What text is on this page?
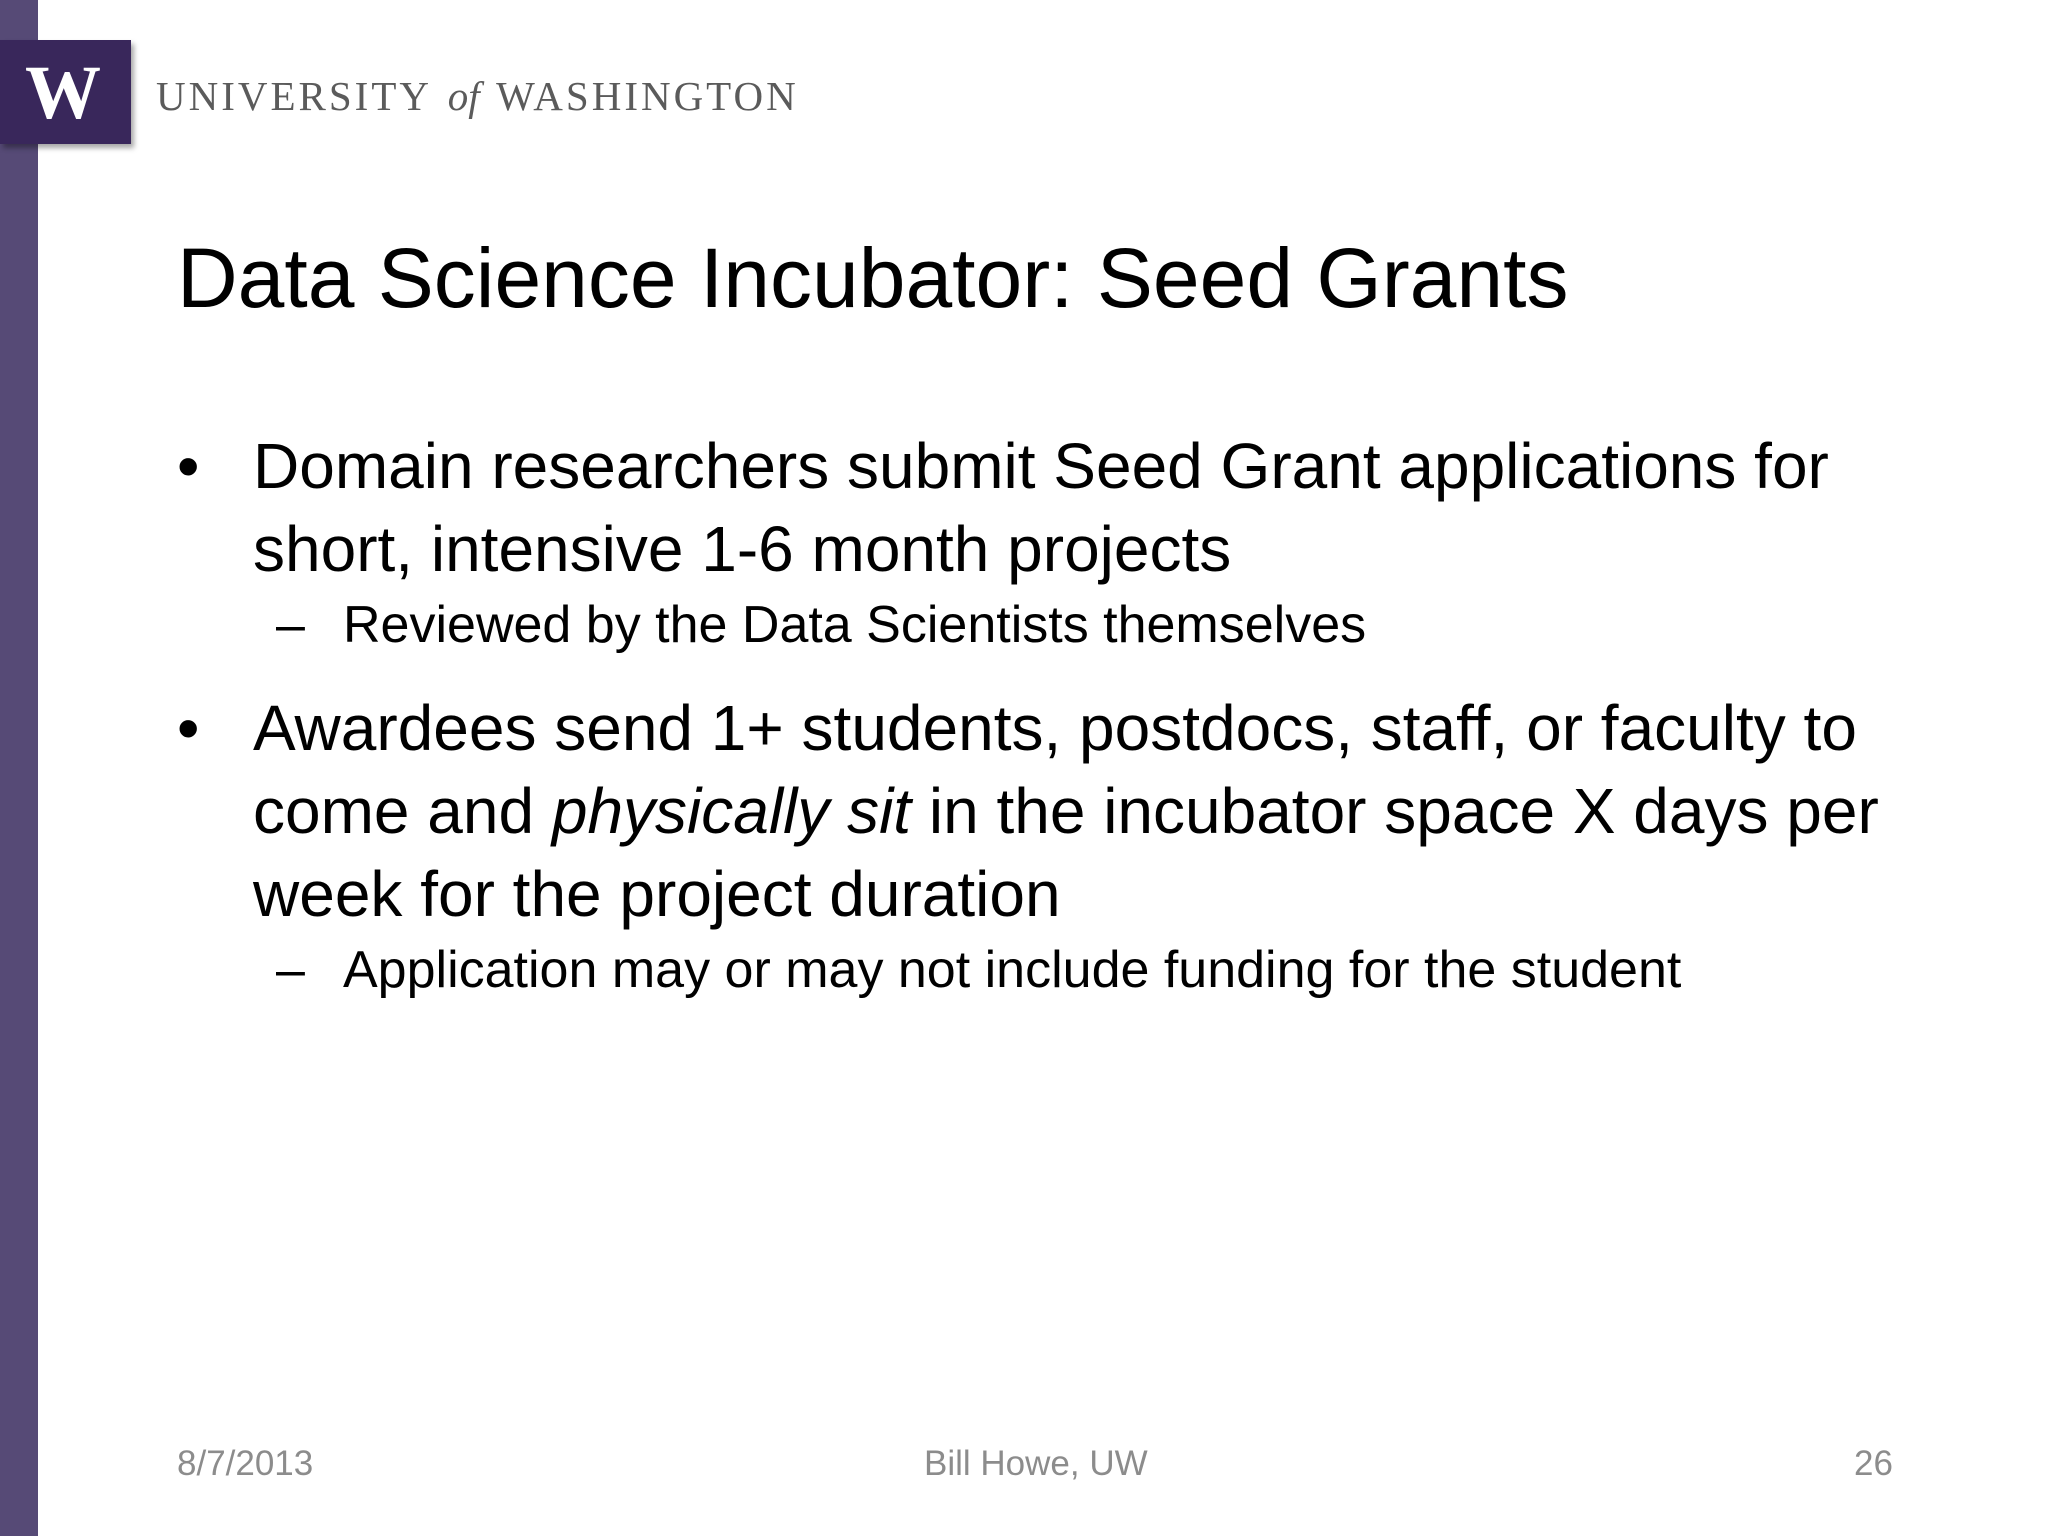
W UNIVERSITY of WASHINGTON
Data Science Incubator: Seed Grants
• Domain researchers submit Seed Grant applications for short, intensive 1-6 month projects
– Reviewed by the Data Scientists themselves
• Awardees send 1+ students, postdocs, staff, or faculty to come and physically sit in the incubator space X days per week for the project duration
– Application may or may not include funding for the student
8/7/2013	Bill Howe, UW	26
